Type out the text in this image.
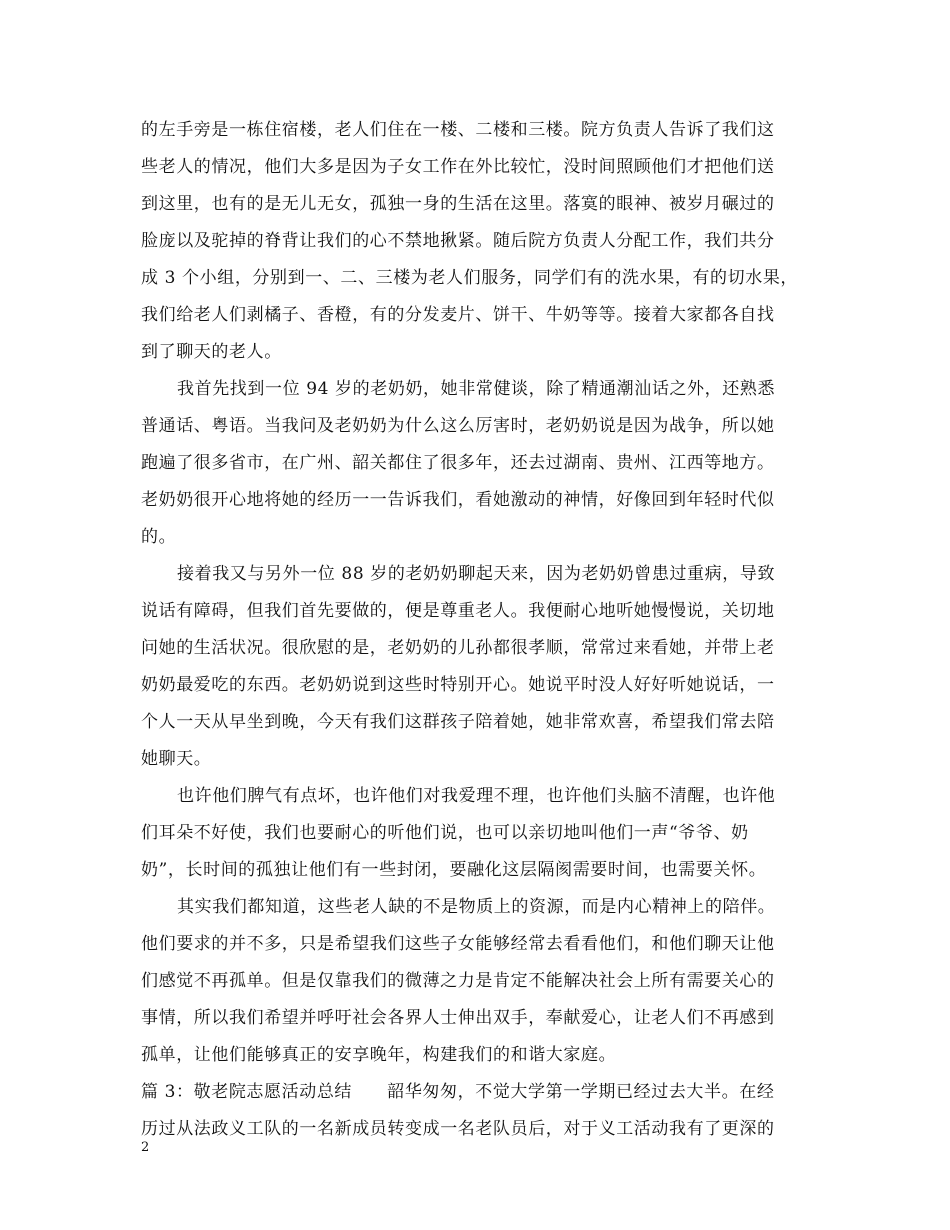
的左手旁是一栋住宿楼，老人们住在一楼、二楼和三楼。院方负责人告诉了我们这
些老人的情况，他们大多是因为子女工作在外比较忙，没时间照顾他们才把他们送
到这里，也有的是无儿无女，孤独一身的生活在这里。落寞的眼神、被岁月碾过的
脸庞以及驼掉的脊背让我们的心不禁地揪紧。随后院方负责人分配工作，我们共分
成 3 个小组，分别到一、二、三楼为老人们服务，同学们有的洗水果，有的切水果，
我们给老人们剥橘子、香橙，有的分发麦片、饼干、牛奶等等。接着大家都各自找
到了聊天的老人。
我首先找到一位 94 岁的老奶奶，她非常健谈，除了精通潮汕话之外，还熟悉
普通话、粤语。当我问及老奶奶为什么这么厉害时，老奶奶说是因为战争，所以她
跑遍了很多省市，在广州、韶关都住了很多年，还去过湖南、贵州、江西等地方。
老奶奶很开心地将她的经历一一告诉我们，看她激动的神情，好像回到年轻时代似
的。
接着我又与另外一位 88 岁的老奶奶聊起天来，因为老奶奶曾患过重病，导致
说话有障碍，但我们首先要做的，便是尊重老人。我便耐心地听她慢慢说，关切地
问她的生活状况。很欣慰的是，老奶奶的儿孙都很孝顺，常常过来看她，并带上老
奶奶最爱吃的东西。老奶奶说到这些时特别开心。她说平时没人好好听她说话，一
个人一天从早坐到晚，今天有我们这群孩子陪着她，她非常欢喜，希望我们常去陪
她聊天。
也许他们脾气有点坏，也许他们对我爱理不理，也许他们头脑不清醒，也许他
们耳朵不好使，我们也要耐心的听他们说，也可以亲切地叫他们一声“爷爷、奶
奶”，长时间的孤独让他们有一些封闭，要融化这层隔阂需要时间，也需要关怀。
其实我们都知道，这些老人缺的不是物质上的资源，而是内心精神上的陪伴。
他们要求的并不多，只是希望我们这些子女能够经常去看看他们，和他们聊天让他
们感觉不再孤单。但是仅靠我们的微薄之力是肯定不能解决社会上所有需要关心的
事情，所以我们希望并呼吁社会各界人士伸出双手，奉献爱心，让老人们不再感到
孤单，让他们能够真正的安享晚年，构建我们的和谐大家庭。
篇 3：敬老院志愿活动总结　　韶华匆匆，不觉大学第一学期已经过去大半。在经
历过从法政义工队的一名新成员转变成一名老队员后，对于义工活动我有了更深的
2
